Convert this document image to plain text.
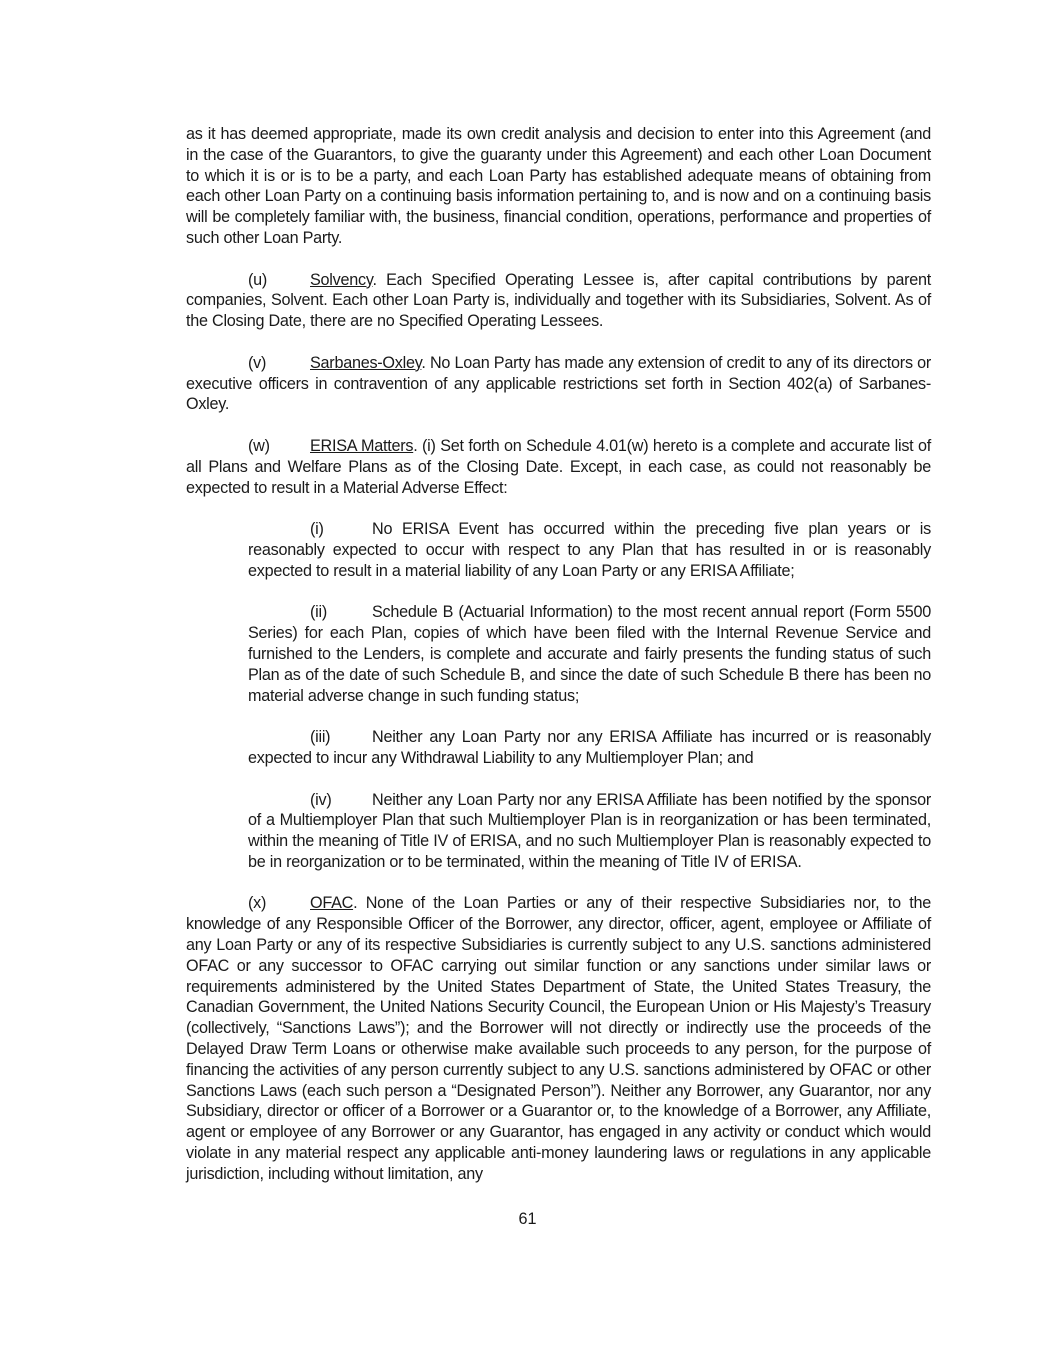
as it has deemed appropriate, made its own credit analysis and decision to enter into this Agreement (and in the case of the Guarantors, to give the guaranty under this Agreement) and each other Loan Document to which it is or is to be a party, and each Loan Party has established adequate means of obtaining from each other Loan Party on a continuing basis information pertaining to, and is now and on a continuing basis will be completely familiar with, the business, financial condition, operations, performance and properties of such other Loan Party.

(u)	Solvency. Each Specified Operating Lessee is, after capital contributions by parent companies, Solvent. Each other Loan Party is, individually and together with its Subsidiaries, Solvent. As of the Closing Date, there are no Specified Operating Lessees.

(v)	Sarbanes-Oxley. No Loan Party has made any extension of credit to any of its directors or executive officers in contravention of any applicable restrictions set forth in Section 402(a) of Sarbanes-Oxley.

(w) ERISA Matters. (i) Set forth on Schedule 4.01(w) hereto is a complete and accurate list of all Plans and Welfare Plans as of the Closing Date. Except, in each case, as could not reasonably be expected to result in a Material Adverse Effect:

(i)	No ERISA Event has occurred within the preceding five plan years or is reasonably expected to occur with respect to any Plan that has resulted in or is reasonably expected to result in a material liability of any Loan Party or any ERISA Affiliate;

(ii)	Schedule B (Actuarial Information) to the most recent annual report (Form 5500 Series) for each Plan, copies of which have been filed with the Internal Revenue Service and furnished to the Lenders, is complete and accurate and fairly presents the funding status of such Plan as of the date of such Schedule B, and since the date of such Schedule B there has been no material adverse change in such funding status;

(iii)	Neither any Loan Party nor any ERISA Affiliate has incurred or is reasonably expected to incur any Withdrawal Liability to any Multiemployer Plan; and

(iv)	Neither any Loan Party nor any ERISA Affiliate has been notified by the sponsor of a Multiemployer Plan that such Multiemployer Plan is in reorganization or has been terminated, within the meaning of Title IV of ERISA, and no such Multiemployer Plan is reasonably expected to be in reorganization or to be terminated, within the meaning of Title IV of ERISA.

(x)	OFAC. None of the Loan Parties or any of their respective Subsidiaries nor, to the knowledge of any Responsible Officer of the Borrower, any director, officer, agent, employee or Affiliate of any Loan Party or any of its respective Subsidiaries is currently subject to any U.S. sanctions administered OFAC or any successor to OFAC carrying out similar function or any sanctions under similar laws or requirements administered by the United States Department of State, the United States Treasury, the Canadian Government, the United Nations Security Council, the European Union or His Majesty’s Treasury (collectively, “Sanctions Laws”); and the Borrower will not directly or indirectly use the proceeds of the Delayed Draw Term Loans or otherwise make available such proceeds to any person, for the purpose of financing the activities of any person currently subject to any U.S. sanctions administered by OFAC or other Sanctions Laws (each such person a “Designated Person”). Neither any Borrower, any Guarantor, nor any Subsidiary, director or officer of a Borrower or a Guarantor or, to the knowledge of a Borrower, any Affiliate, agent or employee of any Borrower or any Guarantor, has engaged in any activity or conduct which would violate in any material respect any applicable anti-money laundering laws or regulations in any applicable jurisdiction, including without limitation, any

61
